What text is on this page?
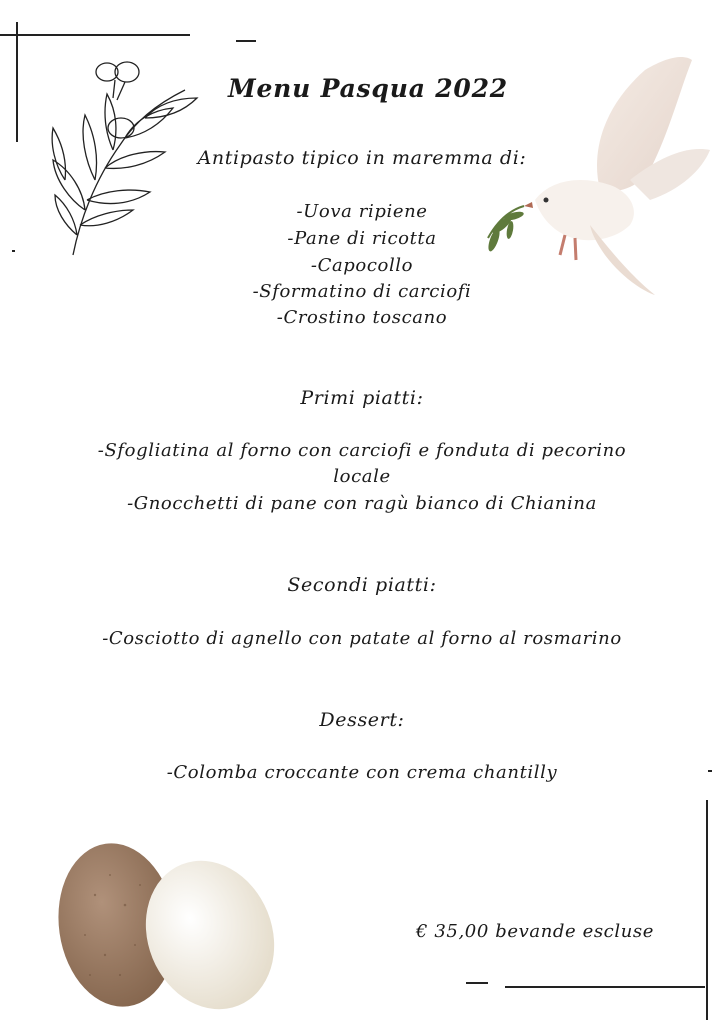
Menu Pasqua 2022
Antipasto tipico in maremma di:
-Uova ripiene
-Pane di ricotta
-Capocollo
-Sformatino di carciofi
-Crostino toscano
Primi piatti:
-Sfogliatina al forno con carciofi e fonduta di pecorino
locale
-Gnocchetti di pane con ragù bianco di Chianina
Secondi piatti:
-Cosciotto di agnello con patate al forno al rosmarino
Dessert:
-Colomba croccante con crema chantilly
€ 35,00 bevande escluse
